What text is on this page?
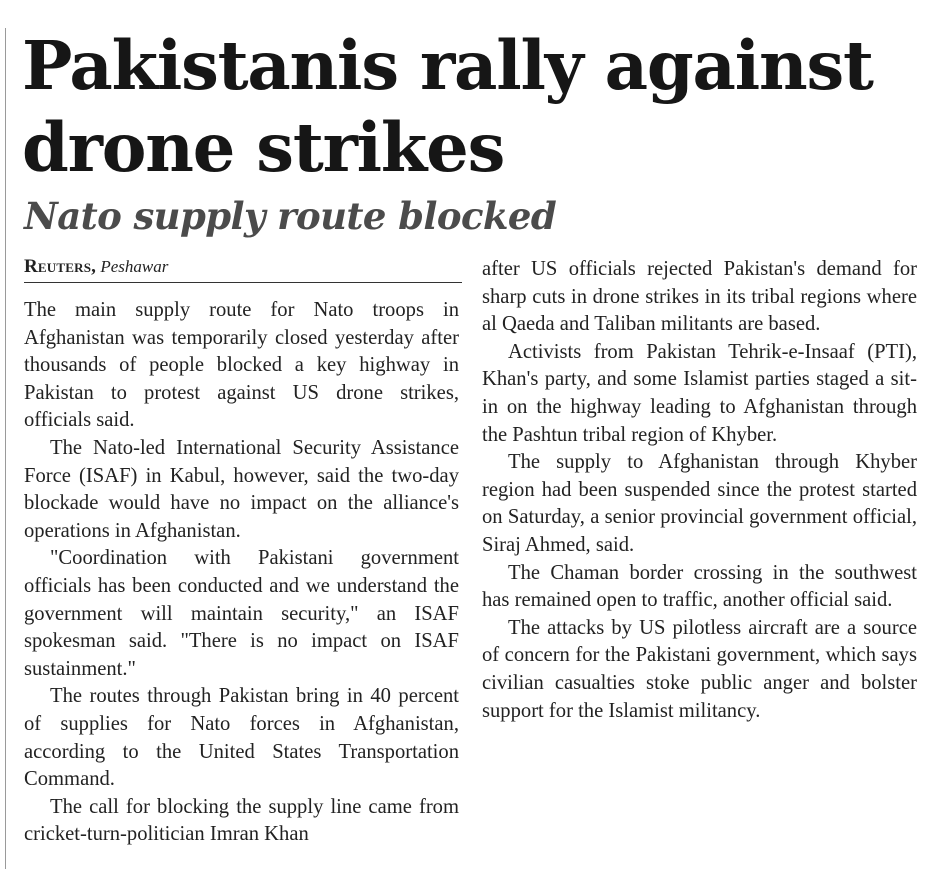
Pakistanis rally against drone strikes
Nato supply route blocked
Reuters, Peshawar

The main supply route for Nato troops in Afghanistan was temporarily closed yesterday after thousands of people blocked a key highway in Pakistan to protest against US drone strikes, officials said.

The Nato-led International Security Assistance Force (ISAF) in Kabul, however, said the two-day blockade would have no impact on the alliance's operations in Afghanistan.

"Coordination with Pakistani government officials has been conducted and we understand the government will maintain security," an ISAF spokesman said. "There is no impact on ISAF sustainment."

The routes through Pakistan bring in 40 percent of supplies for Nato forces in Afghanistan, according to the United States Transportation Command.

The call for blocking the supply line came from cricket-turn-politician Imran Khan

after US officials rejected Pakistan's demand for sharp cuts in drone strikes in its tribal regions where al Qaeda and Taliban militants are based.

Activists from Pakistan Tehrik-e-Insaaf (PTI), Khan's party, and some Islamist parties staged a sit-in on the highway leading to Afghanistan through the Pashtun tribal region of Khyber.

The supply to Afghanistan through Khyber region had been suspended since the protest started on Saturday, a senior provincial government official, Siraj Ahmed, said.

The Chaman border crossing in the southwest has remained open to traffic, another official said.

The attacks by US pilotless aircraft are a source of concern for the Pakistani government, which says civilian casualties stoke public anger and bolster support for the Islamist militancy.
